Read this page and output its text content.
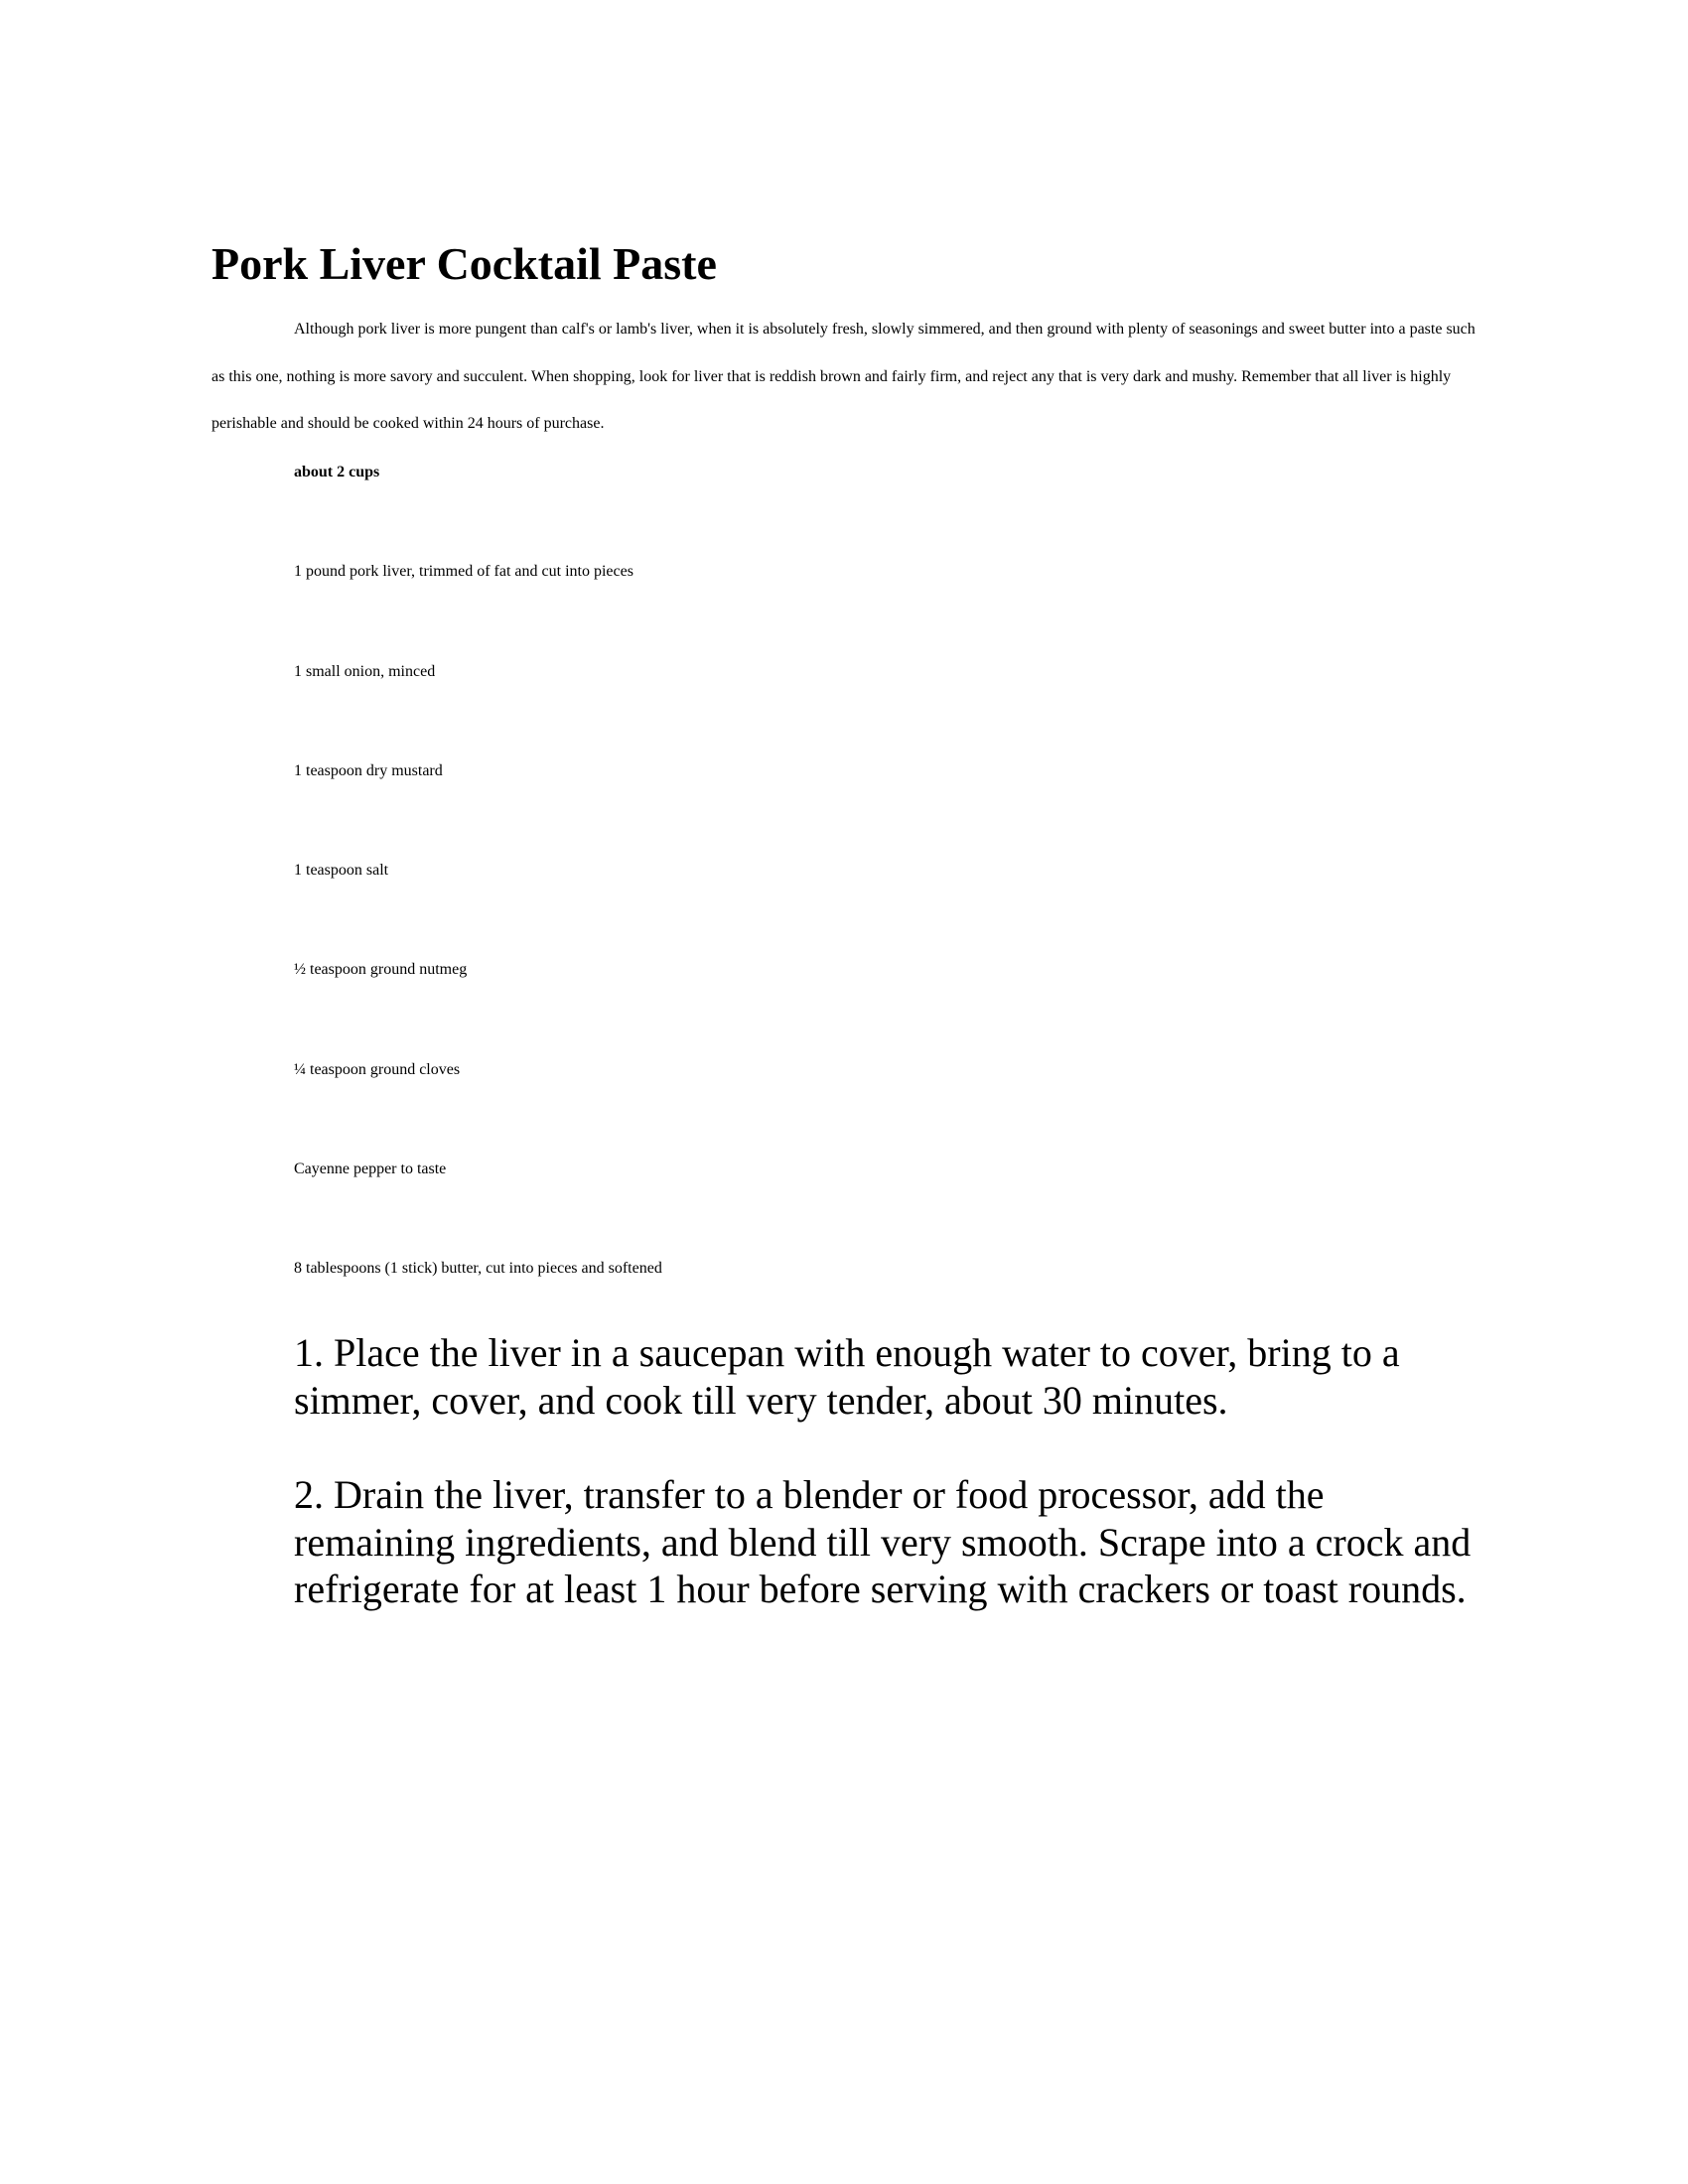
Pork Liver Cocktail Paste

Although pork liver is more pungent than calf's or lamb's liver, when it is absolutely fresh, slowly simmered, and then ground with plenty of seasonings and sweet butter into a paste such as this one, nothing is more savory and succulent. When shopping, look for liver that is reddish brown and fairly firm, and reject any that is very dark and mushy. Remember that all liver is highly perishable and should be cooked within 24 hours of purchase.

about 2 cups

1 pound pork liver, trimmed of fat and cut into pieces

1 small onion, minced

1 teaspoon dry mustard

1 teaspoon salt

½ teaspoon ground nutmeg

¼ teaspoon ground cloves

Cayenne pepper to taste

8 tablespoons (1 stick) butter, cut into pieces and softened

1. Place the liver in a saucepan with enough water to cover, bring to a simmer, cover, and cook till very tender, about 30 minutes.

2. Drain the liver, transfer to a blender or food processor, add the remaining ingredients, and blend till very smooth. Scrape into a crock and refrigerate for at least 1 hour before serving with crackers or toast rounds.
